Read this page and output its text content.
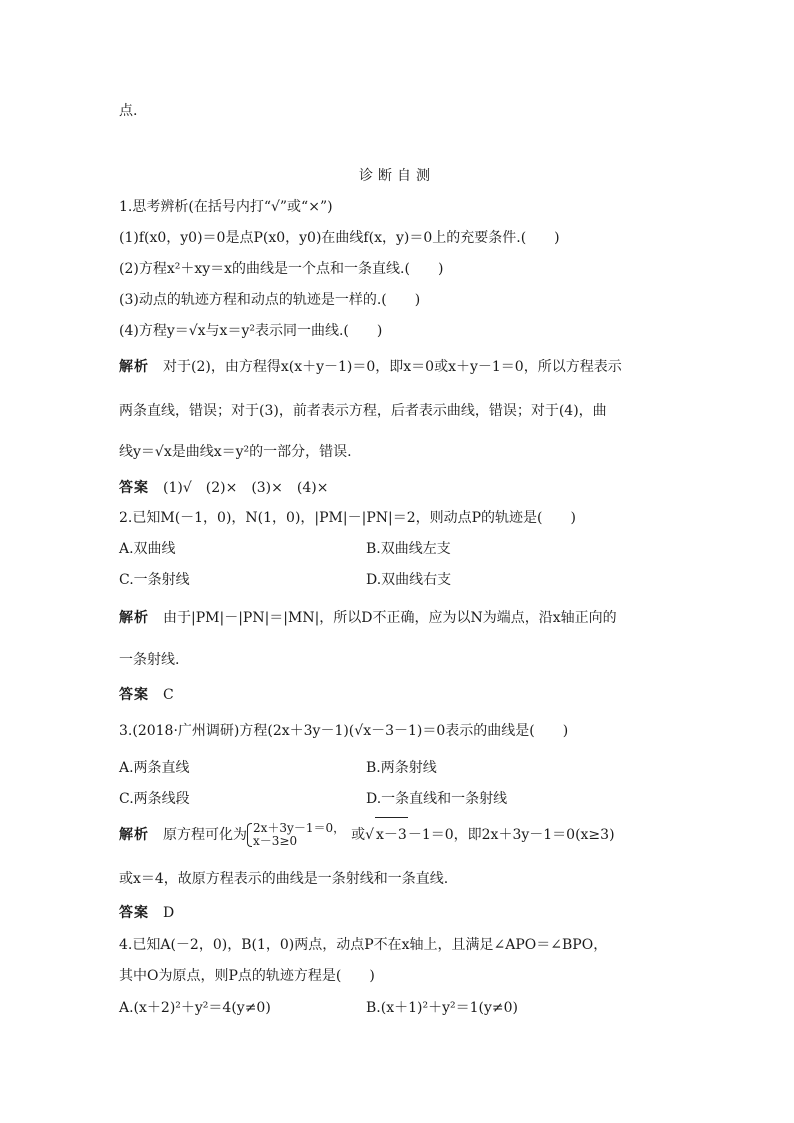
点.
诊断自测
1.思考辨析(在括号内打“√”或“×”)
(1)f(x0，y0)＝0是点P(x0，y0)在曲线f(x，y)＝0上的充要条件.(　　)
(2)方程x²＋xy＝x的曲线是一个点和一条直线.(　　)
(3)动点的轨迹方程和动点的轨迹是一样的.(　　)
(4)方程y＝√x与x＝y²表示同一曲线.(　　)
解析 对于(2)，由方程得x(x＋y－1)＝0，即x＝0或x＋y－1＝0，所以方程表示
两条直线，错误；对于(3)，前者表示方程，后者表示曲线，错误；对于(4)，曲
线y＝√x是曲线x＝y²的一部分，错误.
答案 (1)√　(2)×　(3)×　(4)×
2.已知M(－1，0)，N(1，0)，|PM|－|PN|＝2，则动点P的轨迹是(　　)
A.双曲线	B.双曲线左支
C.一条射线	D.双曲线右支
解析 由于|PM|－|PN|＝|MN|，所以D不正确，应为以N为端点，沿x轴正向的
一条射线.
答案 C
3.(2018·广州调研)方程(2x＋3y－1)(√x－3－1)＝0表示的曲线是(　　)
A.两条直线	B.两条射线
C.两条线段	D.一条直线和一条射线
解析 原方程可化为 2x＋3y－1＝0，
x－3≥0	或√ x－3－1＝0，即2x＋3y－1＝0(x≥3)
或x＝4，故原方程表示的曲线是一条射线和一条直线.
答案 D
4.已知A(－2，0)，B(1，0)两点，动点P不在x轴上，且满足∠APO＝∠BPO，
其中O为原点，则P点的轨迹方程是(　　)
A.(x＋2)²＋y²＝4(y≠0)	B.(x＋1)²＋y²＝1(y≠0)
